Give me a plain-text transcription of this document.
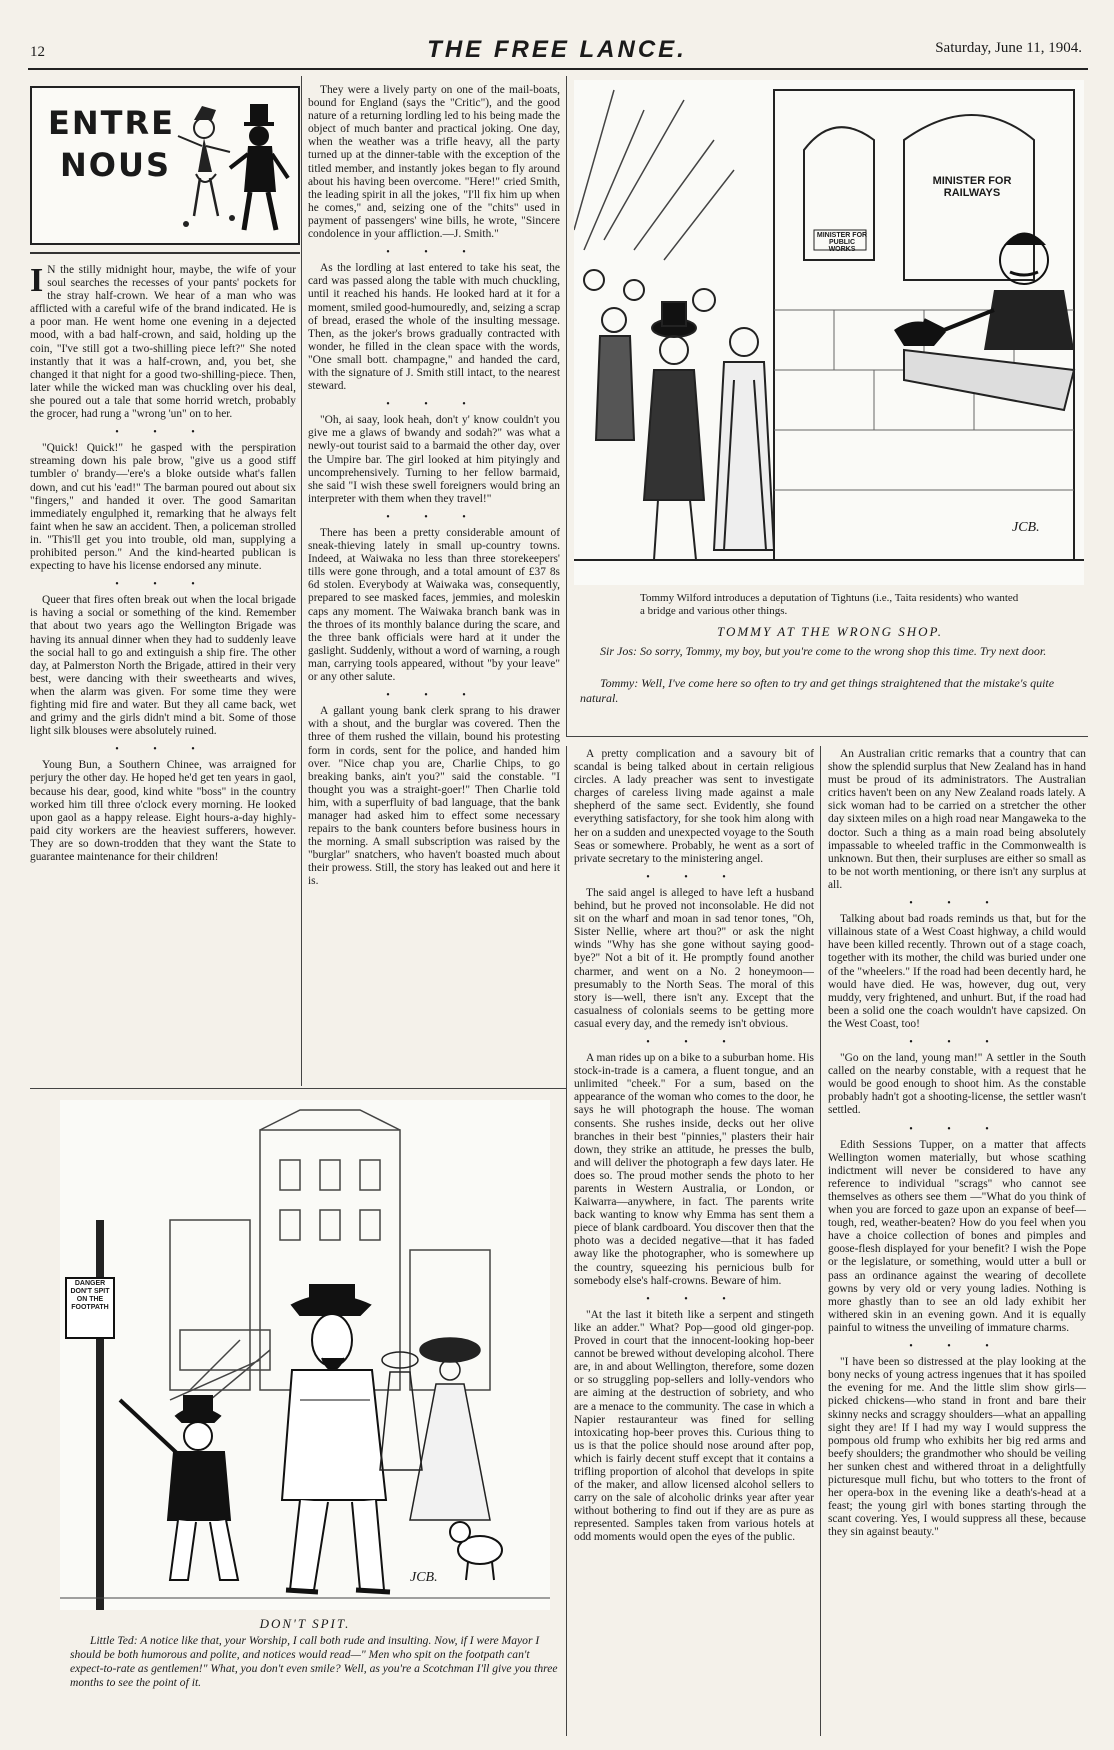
12	THE FREE LANCE.	Saturday, June 11, 1904.
ENTRE
NOUS

I N the stilly midnight hour, maybe, the wife of your soul searches the recesses of your pants' pockets for the stray half-crown. We hear of a man who was afflicted with a careful wife of the brand indicated. He is a poor man. He went home one evening in a dejected mood, with a bad half-crown, and said, holding up the coin, "I've still got a two-shilling piece left?" She noted instantly that it was a half-crown, and, you bet, she changed it that night for a good two-shilling-piece. Then, later while the wicked man was chuckling over his deal, she poured out a tale that some horrid wretch, probably the grocer, had rung a "wrong 'un" on to her.

• • •

"Quick! Quick!" he gasped with the perspiration streaming down his pale brow, "give us a good stiff tumbler o' brandy—'ere's a bloke outside what's fallen down, and cut his 'ead!" The barman poured out about six "fingers," and handed it over. The good Samaritan immediately engulphed it, remarking that he always felt faint when he saw an accident. Then, a policeman strolled in. "This'll get you into trouble, old man, supplying a prohibited person." And the kind-hearted publican is expecting to have his license endorsed any minute.

• • •

Queer that fires often break out when the local brigade is having a social or something of the kind. Remember that about two years ago the Wellington Brigade was having its annual dinner when they had to suddenly leave the social hall to go and extinguish a ship fire. The other day, at Palmerston North the Brigade, attired in their very best, were dancing with their sweethearts and wives, when the alarm was given. For some time they were fighting mid fire and water. But they all came back, wet and grimy and the girls didn't mind a bit. Some of those light silk blouses were absolutely ruined.

• • •

Young Bun, a Southern Chinee, was arraigned for perjury the other day. He hoped he'd get ten years in gaol, because his dear, good, kind white "boss" in the country worked him till three o'clock every morning. He looked upon gaol as a happy release. Eight hours-a-day highly-paid city workers are the heaviest sufferers, however. They are so down-trodden that they want the State to guarantee maintenance for their children!

They were a lively party on one of the mail-boats, bound for England (says the "Critic"), and the good nature of a returning lordling led to his being made the object of much banter and practical joking. One day, when the weather was a trifle heavy, all the party turned up at the dinner-table with the exception of the titled member, and instantly jokes began to fly around about his having been overcome. "Here!" cried Smith, the leading spirit in all the jokes, "I'll fix him up when he comes," and, seizing one of the "chits" used in payment of passengers' wine bills, he wrote, "Sincere condolence in your affliction.—J. Smith."

• • •

As the lordling at last entered to take his seat, the card was passed along the table with much chuckling, until it reached his hands. He looked hard at it for a moment, smiled good-humouredly, and, seizing a scrap of bread, erased the whole of the insulting message. Then, as the joker's brows gradually contracted with wonder, he filled in the clean space with the words, "One small bott. champagne," and handed the card, with the signature of J. Smith still intact, to the nearest steward.

• • •

"Oh, ai saay, look heah, don't y' know couldn't you give me a glaws of bwandy and sodah?" was what a newly-out tourist said to a barmaid the other day, over the Umpire bar. The girl looked at him pityingly and uncomprehensively. Turning to her fellow barmaid, she said "I wish these swell foreigners would bring an interpreter with them when they travel!"

• • •

There has been a pretty considerable amount of sneak-thieving lately in small up-country towns. Indeed, at Waiwaka no less than three storekeepers' tills were gone through, and a total amount of £37 8s 6d stolen. Everybody at Waiwaka was, consequently, prepared to see masked faces, jemmies, and moleskin caps any moment. The Waiwaka branch bank was in the throes of its monthly balance during the scare, and the three bank officials were hard at it under the gaslight. Suddenly, without a word of warning, a rough man, carrying tools appeared, without "by your leave" or any other salute.

• • •

A gallant young bank clerk sprang to his drawer with a shout, and the burglar was covered. Then the three of them rushed the villain, bound his protesting form in cords, sent for the police, and handed him over. "Nice chap you are, Charlie Chips, to go breaking banks, ain't you?" said the constable. "I thought you was a straight-goer!" Then Charlie told him, with a superfluity of bad language, that the bank manager had asked him to effect some necessary repairs to the bank counters before business hours in the morning. A small subscription was raised by the "burglar" snatchers, who haven't boasted much about their prowess. Still, the story has leaked out and here it is.

MINISTER FOR PUBLIC WORKS
MINISTER FOR RAILWAYS
JCB.
Tommy Wilford introduces a deputation of Tightuns (i.e., Taita residents) who wanted a bridge and various other things.
TOMMY AT THE WRONG SHOP.
Sir Jos: So sorry, Tommy, my boy, but you're come to the wrong shop this time. Try next door.
Tommy: Well, I've come here so often to try and get things straightened that the mistake's quite natural.

A pretty complication and a savoury bit of scandal is being talked about in certain religious circles. A lady preacher was sent to investigate charges of careless living made against a male shepherd of the same sect. Evidently, she found everything satisfactory, for she took him along with her on a sudden and unexpected voyage to the South Seas or somewhere. Probably, he went as a sort of private secretary to the ministering angel.

• • •

The said angel is alleged to have left a husband behind, but he proved not inconsolable. He did not sit on the wharf and moan in sad tenor tones, "Oh, Sister Nellie, where art thou?" or ask the night winds "Why has she gone without saying good-bye?" Not a bit of it. He promptly found another charmer, and went on a No. 2 honeymoon—presumably to the North Seas. The moral of this story is—well, there isn't any. Except that the casualness of colonials seems to be getting more casual every day, and the remedy isn't obvious.

• • •

A man rides up on a bike to a suburban home. His stock-in-trade is a camera, a fluent tongue, and an unlimited "cheek." For a sum, based on the appearance of the woman who comes to the door, he says he will photograph the house. The woman consents. She rushes inside, decks out her olive branches in their best "pinnies," plasters their hair down, they strike an attitude, he presses the bulb, and will deliver the photograph a few days later. He does so. The proud mother sends the photo to her parents in Western Australia, or London, or Kaiwarra—anywhere, in fact. The parents write back wanting to know why Emma has sent them a piece of blank cardboard. You discover then that the photo was a decided negative—that it has faded away like the photographer, who is somewhere up the country, squeezing his pernicious bulb for somebody else's half-crowns. Beware of him.

• • •

"At the last it biteth like a serpent and stingeth like an adder." What? Pop—good old ginger-pop. Proved in court that the innocent-looking hop-beer cannot be brewed without developing alcohol. There are, in and about Wellington, therefore, some dozen or so struggling pop-sellers and lolly-vendors who are aiming at the destruction of sobriety, and who are a menace to the community. The case in which a Napier restauranteur was fined for selling intoxicating hop-beer proves this. Curious thing to us is that the police should nose around after pop, which is fairly decent stuff except that it contains a trifling proportion of alcohol that develops in spite of the maker, and allow licensed alcohol sellers to carry on the sale of alcoholic drinks year after year without bothering to find out if they are as pure as represented. Samples taken from various hotels at odd moments would open the eyes of the public.

An Australian critic remarks that a country that can show the splendid surplus that New Zealand has in hand must be proud of its administrators. The Australian critics haven't been on any New Zealand roads lately. A sick woman had to be carried on a stretcher the other day sixteen miles on a high road near Mangaweka to the doctor. Such a thing as a main road being absolutely impassable to wheeled traffic in the Commonwealth is unknown. But then, their surpluses are either so small as to be not worth mentioning, or there isn't any surplus at all.

• • •

Talking about bad roads reminds us that, but for the villainous state of a West Coast highway, a child would have been killed recently. Thrown out of a stage coach, together with its mother, the child was buried under one of the "wheelers." If the road had been decently hard, he would have died. He was, however, dug out, very muddy, very frightened, and unhurt. But, if the road had been a solid one the coach wouldn't have capsized. On the West Coast, too!

• • •

"Go on the land, young man!" A settler in the South called on the nearby constable, with a request that he would be good enough to shoot him. As the constable probably hadn't got a shooting-license, the settler wasn't settled.

• • •

Edith Sessions Tupper, on a matter that affects Wellington women materially, but whose scathing indictment will never be considered to have any reference to individual "scrags" who cannot see themselves as others see them —"What do you think of when you are forced to gaze upon an expanse of beef—tough, red, weather-beaten? How do you feel when you have a choice collection of bones and pimples and goose-flesh displayed for your benefit? I wish the Pope or the legislature, or something, would utter a bull or pass an ordinance against the wearing of decollete gowns by very old or very young ladies. Nothing is more ghastly than to see an old lady exhibit her withered skin in an evening gown. And it is equally painful to witness the unveiling of immature charms.

• • •

"I have been so distressed at the play looking at the bony necks of young actress ingenues that it has spoiled the evening for me. And the little slim show girls—picked chickens—who stand in front and bare their skinny necks and scraggy shoulders—what an appalling sight they are! If I had my way I would suppress the pompous old frump who exhibits her big red arms and beefy shoulders; the grandmother who should be veiling her sunken chest and withered throat in a delightfully picturesque mull fichu, but who totters to the front of her opera-box in the evening like a death's-head at a feast; the young girl with bones starting through the scant covering. Yes, I would suppress all these, because they sin against beauty."

DANGER DON'T SPIT ON THE FOOTPATH
JCB.
DON'T SPIT.
Little Ted: A notice like that, your Worship, I call both rude and insulting. Now, if I were Mayor I should be both humorous and polite, and notices would read—" Men who spit on the footpath can't expect-to-rate as gentlemen!" What, you don't even smile? Well, as you're a Scotchman I'll give you three months to see the point of it.
